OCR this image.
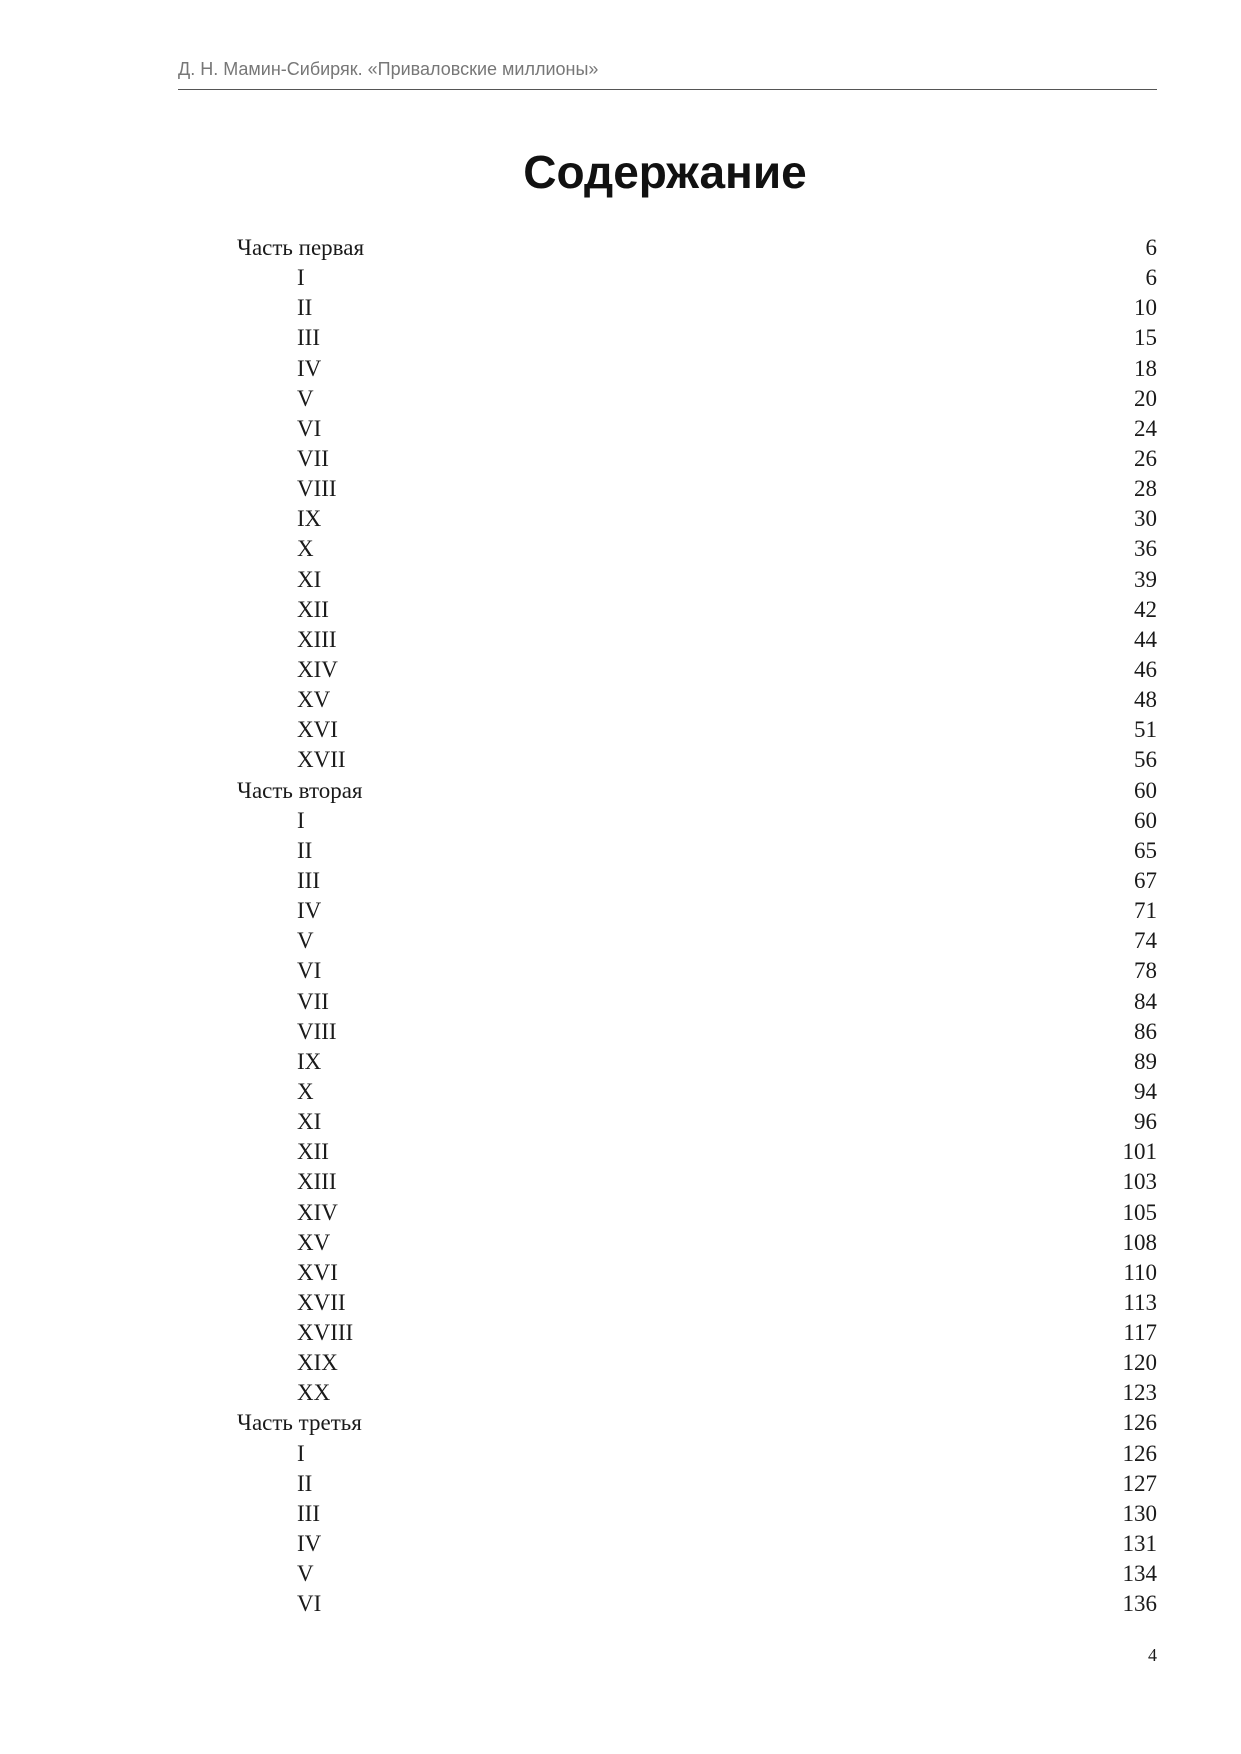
Д. Н. Мамин-Сибиряк. «Приваловские миллионы»
Содержание
Часть первая	6
I	6
II	10
III	15
IV	18
V	20
VI	24
VII	26
VIII	28
IX	30
X	36
XI	39
XII	42
XIII	44
XIV	46
XV	48
XVI	51
XVII	56
Часть вторая	60
I	60
II	65
III	67
IV	71
V	74
VI	78
VII	84
VIII	86
IX	89
X	94
XI	96
XII	101
XIII	103
XIV	105
XV	108
XVI	110
XVII	113
XVIII	117
XIX	120
XX	123
Часть третья	126
I	126
II	127
III	130
IV	131
V	134
VI	136
4
